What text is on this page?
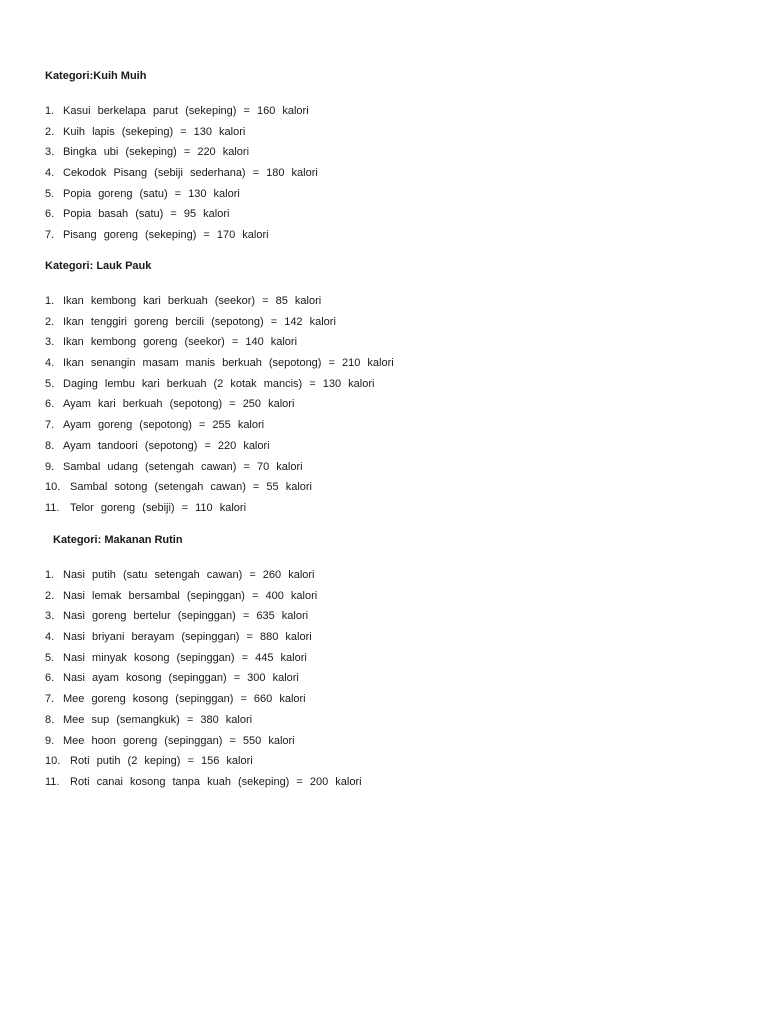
Kategori:Kuih Muih
1. Kasui berkelapa parut (sekeping) = 160 kalori
2. Kuih lapis (sekeping) = 130 kalori
3. Bingka ubi (sekeping) = 220 kalori
4. Cekodok Pisang (sebiji sederhana) = 180 kalori
5. Popia goreng (satu) = 130 kalori
6. Popia basah (satu) = 95 kalori
7. Pisang goreng (sekeping) = 170 kalori
Kategori: Lauk Pauk
1. Ikan kembong kari berkuah (seekor) = 85 kalori
2. Ikan tenggiri goreng bercili (sepotong) = 142 kalori
3. Ikan kembong goreng (seekor) = 140 kalori
4. Ikan senangin masam manis berkuah (sepotong) = 210 kalori
5. Daging lembu kari berkuah (2 kotak mancis) = 130 kalori
6. Ayam kari berkuah (sepotong) = 250 kalori
7. Ayam goreng (sepotong) = 255 kalori
8. Ayam tandoori (sepotong) = 220 kalori
9. Sambal udang (setengah cawan) = 70 kalori
10. Sambal sotong (setengah cawan) = 55 kalori
11. Telor goreng (sebiji) = 110 kalori
Kategori: Makanan Rutin
1. Nasi putih (satu setengah cawan) = 260 kalori
2. Nasi lemak bersambal (sepinggan) = 400 kalori
3. Nasi goreng bertelur (sepinggan) = 635 kalori
4. Nasi briyani berayam (sepinggan) = 880 kalori
5. Nasi minyak kosong (sepinggan) = 445 kalori
6. Nasi ayam kosong (sepinggan) = 300 kalori
7. Mee goreng kosong (sepinggan) = 660 kalori
8. Mee sup (semangkuk) = 380 kalori
9. Mee hoon goreng (sepinggan) = 550 kalori
10. Roti putih (2 keping) = 156 kalori
11. Roti canai kosong tanpa kuah (sekeping) = 200 kalori
